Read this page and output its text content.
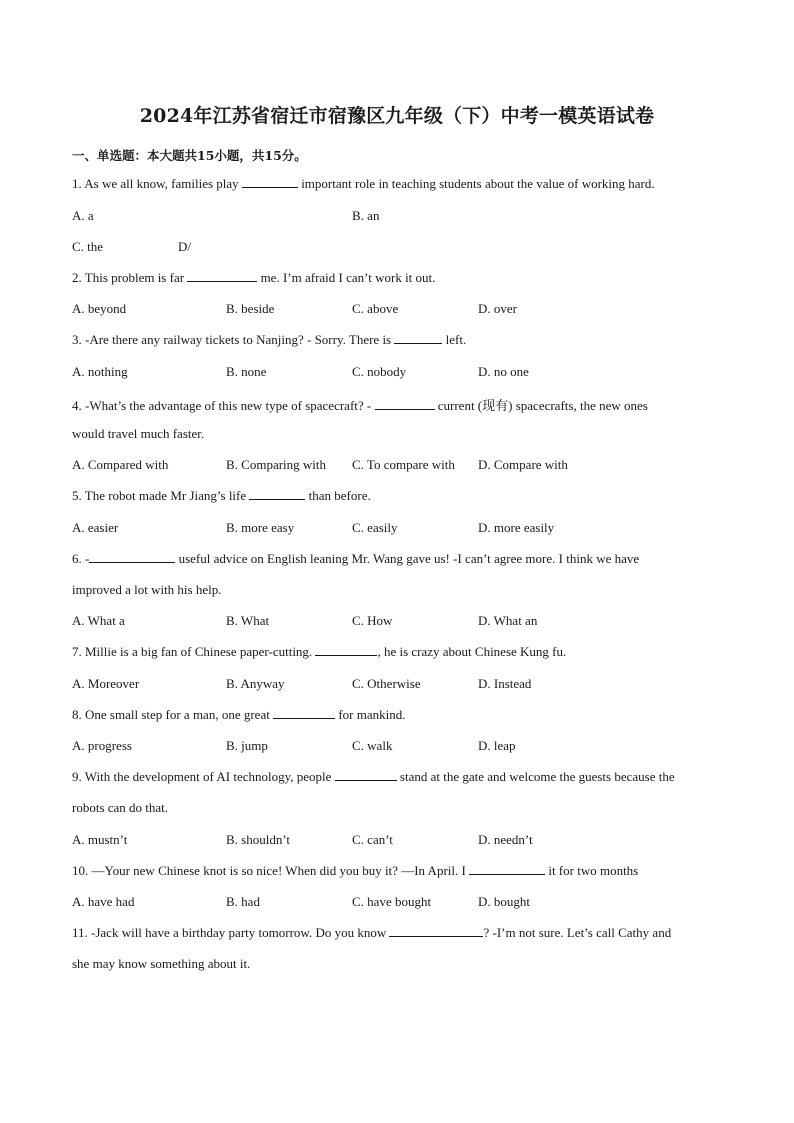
2024年江苏省宿迁市宿豫区九年级（下）中考一模英语试卷
一、单选题：本大题共15小题，共15分。
1. As we all know, families play	important role in teaching students about the value of working hard.
A. a	B. an
C. the	D/
2. This problem is far	me. I’m afraid I can’t work it out.
A. beyond	B. beside	C. above	D. over
3. -Are there any railway tickets to Nanjing? - Sorry. There is	left.
A. nothing	B. none	C. nobody	D. no one
4. -What’s the advantage of this new type of spacecraft? -	current (现有) spacecrafts, the new ones
would travel much faster.
A. Compared with	B. Comparing with C. To compare with D. Compare with
5. The robot made Mr Jiang’s life	than before.
A. easier	B. more easy	C. easily	D. more easily
6. -	useful advice on English leaning Mr. Wang gave us! -I can’t agree more. I think we have
improved a lot with his help.
A. What a	B. What	C. How	D. What an
7. Millie is a big fan of Chinese paper-cutting.	, he is crazy about Chinese Kung fu.
A. Moreover	B. Anyway	C. Otherwise	D. Instead
8. One small step for a man, one great	for mankind.
A. progress	B. jump	C. walk	D. leap
9. With the development of AI technology, people	stand at the gate and welcome the guests because the
robots can do that.
A. mustn’t	B. shouldn’t	C. can’t	D. needn’t
10. —Your new Chinese knot is so nice! When did you buy it? —In April. I	it for two months
A. have had	B. had	C. have bought	D. bought
11. -Jack will have a birthday party tomorrow. Do you know	? -I’m not sure. Let’s call Cathy and
she may know something about it.
